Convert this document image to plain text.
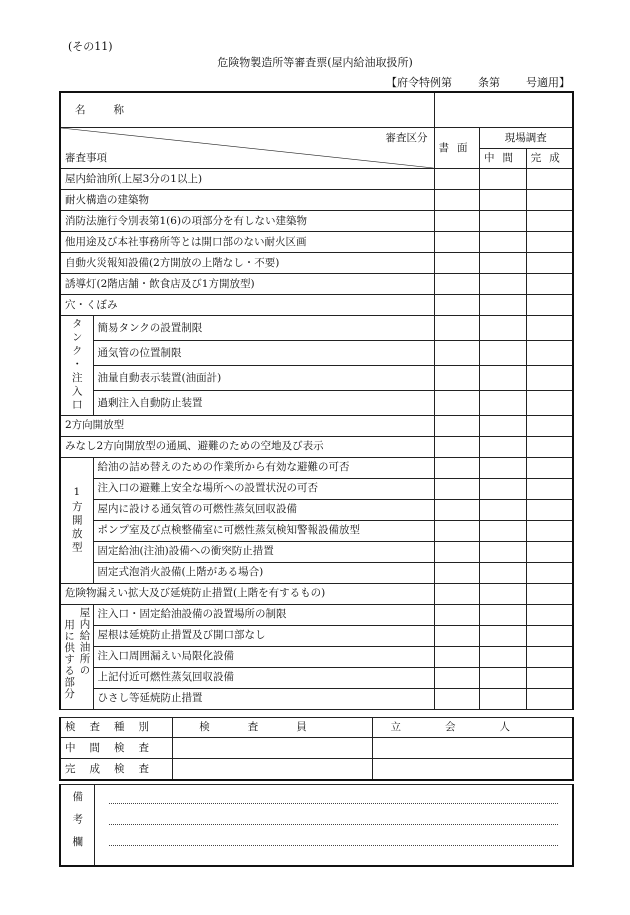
(その11)
危険物製造所等審査票(屋内給油取扱所)
【府令特例第 条第 号適用】
名称				

審査区分
審査事項		書面	現場調査	
			中間	完成
屋内給油所(上屋3分の1以上)				
耐火構造の建築物				
消防法施行令別表第1(6)の項部分を有しない建築物				
他用途及び本社事務所等とは開口部のない耐火区画				
自動火災報知設備(2方開放の上階なし・不要)				
誘導灯(2階店舗・飲食店及び1方開放型)				
穴・くぼみ				
タンク・注入口	簡易タンクの設置制限			
	通気管の位置制限			
	油量自動表示装置(油面計)			
	過剰注入自動防止装置			
2方向開放型				
みなし2方向開放型の通風、避難のための空地及び表示				
1方開放型	給油の詰め替えのための作業所から有効な避難の可否			
	注入口の避難上安全な場所への設置状況の可否			
	屋内に設ける通気管の可燃性蒸気回収設備			
	ポンプ室及び点検整備室に可燃性蒸気検知警報設備放型			
	固定給油(注油)設備への衝突防止措置			
	固定式泡消火設備(上階がある場合)			
危険物漏えい拡大及び延焼防止措置(上階を有するもの)				

屋内給油所の
用に供する部分	注入口・固定給油設備の設置場所の制限			
	屋根は延焼防止措置及び開口部なし			
	注入口周囲漏えい局限化設備			
	上記付近可燃性蒸気回収設備			
	ひさし等延焼防止措置			
検査種別	検査員	立会人
中間検査		
完成検査		
備考欄	
